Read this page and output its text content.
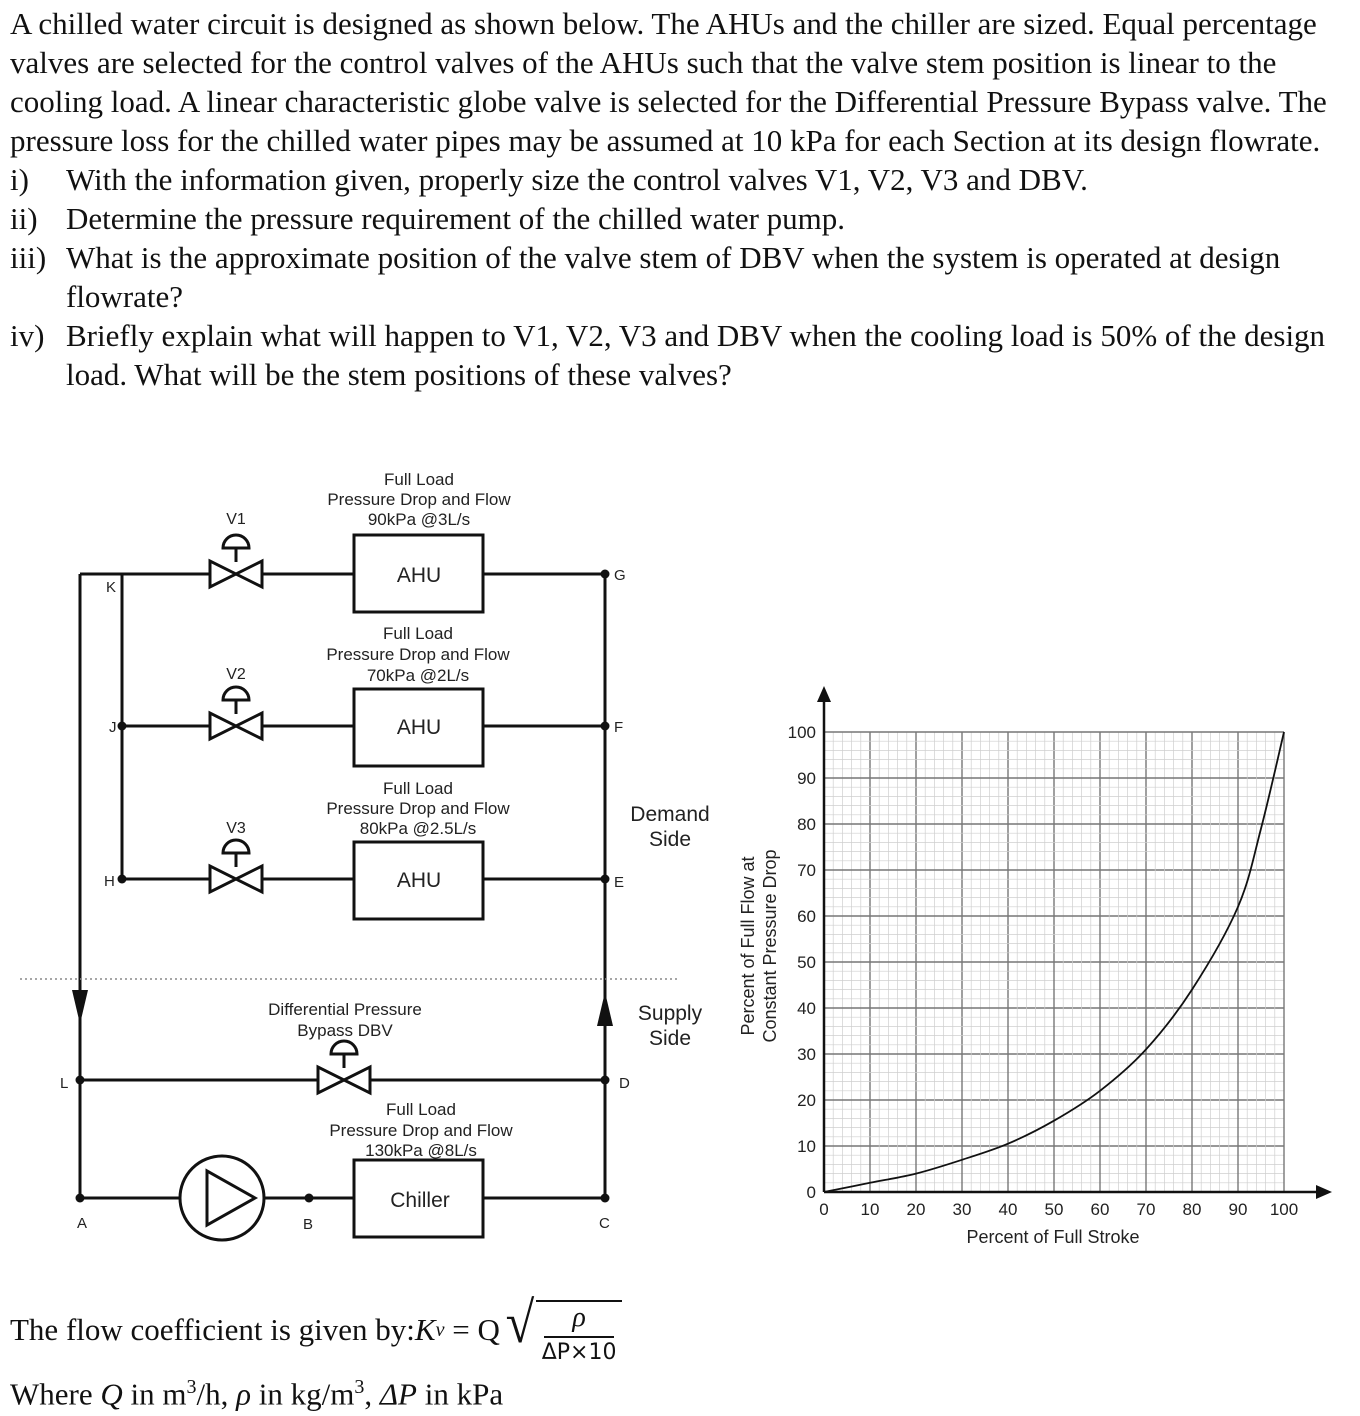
A chilled water circuit is designed as shown below. The AHUs and the chiller are sized. Equal percentage valves are selected for the control valves of the AHUs such that the valve stem position is linear to the cooling load. A linear characteristic globe valve is selected for the Differential Pressure Bypass valve. The pressure loss for the chilled water pipes may be assumed at 10 kPa for each Section at its design flowrate.

i)	With the information given, properly size the control valves V1, V2, V3 and DBV.
ii) Determine the pressure requirement of the chilled water pump.
iii) What is the approximate position of the valve stem of DBV when the system is operated at design flowrate?
iv) Briefly explain what will happen to V1, V2, V3 and DBV when the cooling load is 50% of the design load. What will be the stem positions of these valves?
AHU
AHU
AHU
Chiller
K
J
H
G
F
E
D
L
A	B	C
V1
V2
V3
Full Load
Pressure Drop and Flow
90kPa @3L/s
Full Load
Pressure Drop and Flow
70kPa @2L/s
Full Load
Pressure Drop and Flow
80kPa @2.5L/s
Full Load
Pressure Drop and Flow
130kPa @8L/s
Differential Pressure
Bypass DBV
Demand
Side
Supply
Side
0 10 20 30 40 50 60 70 80 90 100
0
10
20
30
40
50
60
70
80
90
100
Percent of Full Stroke
Percent of Full Flow at Constant Pressure Drop
The flow coefficient is given by: K v = Q √ $\frac{\rho}{\Delta P\times 10}$
Where Q in $m^3/h$, ρ in $kg/m^3$, ΔP in kPa
